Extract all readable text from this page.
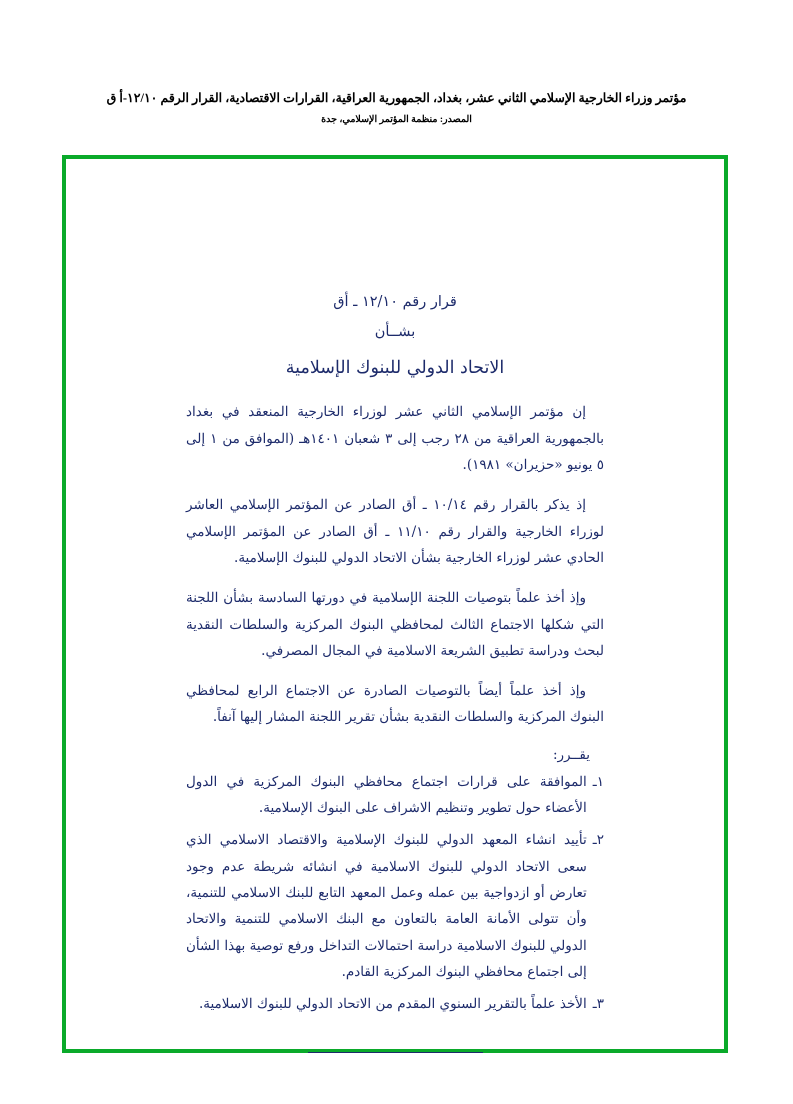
مؤتمر وزراء الخارجية الإسلامي الثاني عشر، بغداد، الجمهورية العراقية، القرارات الاقتصادية، القرار الرقم ١٢/١٠-أ ق
المصدر: منظمة المؤتمر الإسلامي، جدة
قرار رقم ١٢/١٠ ـ أق
بشــأن
الاتحاد الدولي للبنوك الإسلامية

إن مؤتمر الإسلامي الثاني عشر لوزراء الخارجية المنعقد في بغداد بالجمهورية العراقية من ٢٨ رجب إلى ٣ شعبان ١٤٠١هـ (الموافق من ١ إلى ٥ يونيو «حزيران» ١٩٨١).

إذ يذكر بالقرار رقم ١٠/١٤ ـ أق الصادر عن المؤتمر الإسلامي العاشر لوزراء الخارجية والقرار رقم ١١/١٠ ـ أق الصادر عن المؤتمر الإسلامي الحادي عشر لوزراء الخارجية بشأن الاتحاد الدولي للبنوك الإسلامية.

وإذ أخذ علماً بتوصيات اللجنة الإسلامية في دورتها السادسة بشأن اللجنة التي شكلها الاجتماع الثالث لمحافظي البنوك المركزية والسلطات النقدية لبحث ودراسة تطبيق الشريعة الاسلامية في المجال المصرفي.

وإذ أخذ علماً أيضاً بالتوصيات الصادرة عن الاجتماع الرابع لمحافظي البنوك المركزية والسلطات النقدية بشأن تقرير اللجنة المشار إليها آنفاً.

يقــرر:
١ـ
الموافقة على قرارات اجتماع محافظي البنوك المركزية في الدول الأعضاء حول تطوير وتنظيم الاشراف على البنوك الإسلامية.
٢ـ
تأييد انشاء المعهد الدولي للبنوك الإسلامية والاقتصاد الاسلامي الذي سعى الاتحاد الدولي للبنوك الاسلامية في انشائه شريطة عدم وجود تعارض أو ازدواجية بين عمله وعمل المعهد التابع للبنك الاسلامي للتنمية، وأن تتولى الأمانة العامة بالتعاون مع البنك الاسلامي للتنمية والاتحاد الدولي للبنوك الاسلامية دراسة احتمالات التداخل ورفع توصية بهذا الشأن إلى اجتماع محافظي البنوك المركزية القادم.
٣ـ
الأخذ علماً بالتقرير السنوي المقدم من الاتحاد الدولي للبنوك الاسلامية.
